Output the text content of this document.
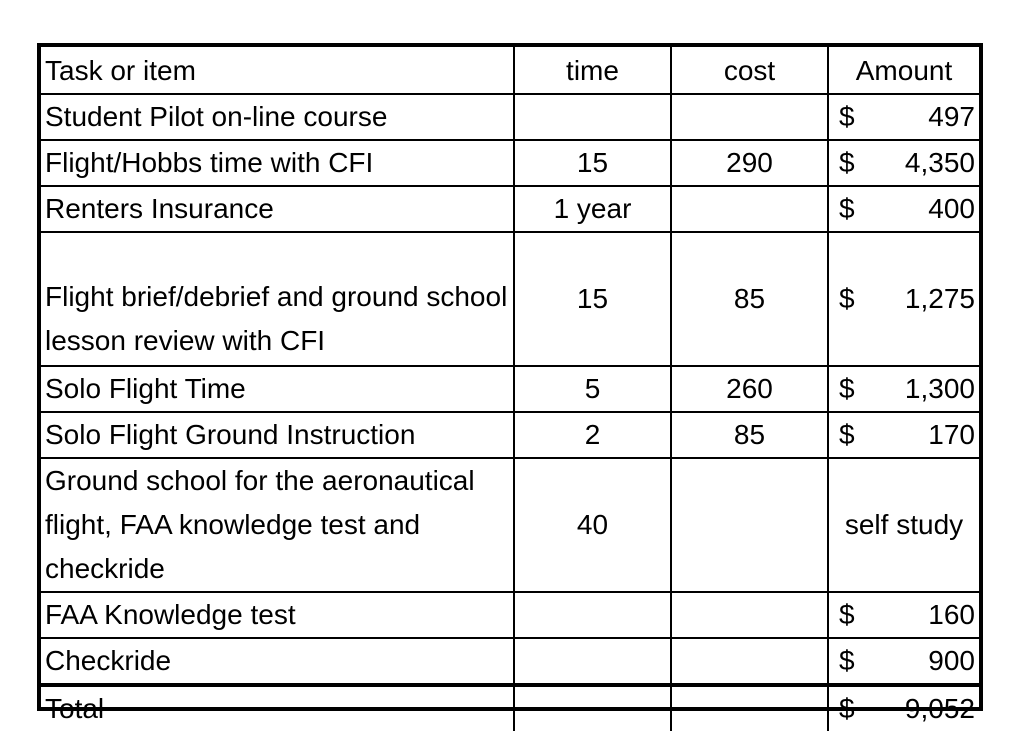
Task or item	time	cost	Amount
Student Pilot on-line course			$ 497

Flight/Hobbs time with CFI	15	290	$ 4,350

Renters Insurance	1 year		$ 400

Flight brief/debrief and ground school lesson review with CFI	15	85	$ 1,275

Solo Flight Time	5	260	$ 1,300

Solo Flight Ground Instruction	2	85	$ 170

Ground school for the aeronautical flight, FAA knowledge test and checkride	40		self study
FAA Knowledge test			$ 160

Checkride			$ 900

Total			$ 9,052
